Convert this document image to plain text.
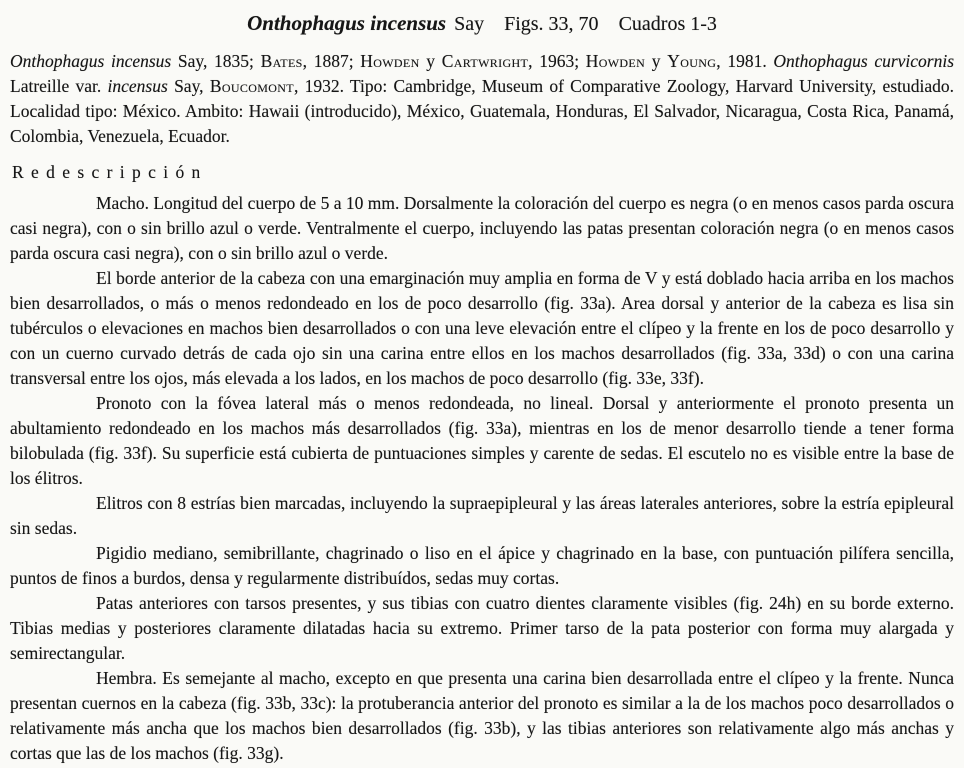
Onthophagus incensus Say Figs. 33, 70 Cuadros 1-3

Onthophagus incensus Say, 1835; Bates, 1887; Howden y Cartwright, 1963; Howden y Young, 1981. Onthophagus curvicornis Latreille var. incensus Say, Boucomont, 1932. Tipo: Cambridge, Museum of Comparative Zoology, Harvard University, estudiado. Localidad tipo: México. Ambito: Hawaii (introducido), México, Guatemala, Honduras, El Salvador, Nicaragua, Costa Rica, Panamá, Colombia, Venezuela, Ecuador.

Redescripción

Macho. Longitud del cuerpo de 5 a 10 mm. Dorsalmente la coloración del cuerpo es negra (o en menos casos parda oscura casi negra), con o sin brillo azul o verde. Ventralmente el cuerpo, incluyendo las patas presentan coloración negra (o en menos casos parda oscura casi negra), con o sin brillo azul o verde.

El borde anterior de la cabeza con una emarginación muy amplia en forma de V y está doblado hacia arriba en los machos bien desarrollados, o más o menos redondeado en los de poco desarrollo (fig. 33a). Area dorsal y anterior de la cabeza es lisa sin tubérculos o elevaciones en machos bien desarrollados o con una leve elevación entre el clípeo y la frente en los de poco desarrollo y con un cuerno curvado detrás de cada ojo sin una carina entre ellos en los machos desarrollados (fig. 33a, 33d) o con una carina transversal entre los ojos, más elevada a los lados, en los machos de poco desarrollo (fig. 33e, 33f).

Pronoto con la fóvea lateral más o menos redondeada, no lineal. Dorsal y anteriormente el pronoto presenta un abultamiento redondeado en los machos más desarrollados (fig. 33a), mientras en los de menor desarrollo tiende a tener forma bilobulada (fig. 33f). Su superficie está cubierta de puntuaciones simples y carente de sedas. El escutelo no es visible entre la base de los élitros.

Elitros con 8 estrías bien marcadas, incluyendo la supraepipleural y las áreas laterales anteriores, sobre la estría epipleural sin sedas.

Pigidio mediano, semibrillante, chagrinado o liso en el ápice y chagrinado en la base, con puntuación pilífera sencilla, puntos de finos a burdos, densa y regularmente distribuídos, sedas muy cortas.

Patas anteriores con tarsos presentes, y sus tibias con cuatro dientes claramente visibles (fig. 24h) en su borde externo. Tibias medias y posteriores claramente dilatadas hacia su extremo. Primer tarso de la pata posterior con forma muy alargada y semirectangular.

Hembra. Es semejante al macho, excepto en que presenta una carina bien desarrollada entre el clípeo y la frente. Nunca presentan cuernos en la cabeza (fig. 33b, 33c): la protuberancia anterior del pronoto es similar a la de los machos poco desarrollados o relativamente más ancha que los machos bien desarrollados (fig. 33b), y las tibias anteriores son relativamente algo más anchas y cortas que las de los machos (fig. 33g).
